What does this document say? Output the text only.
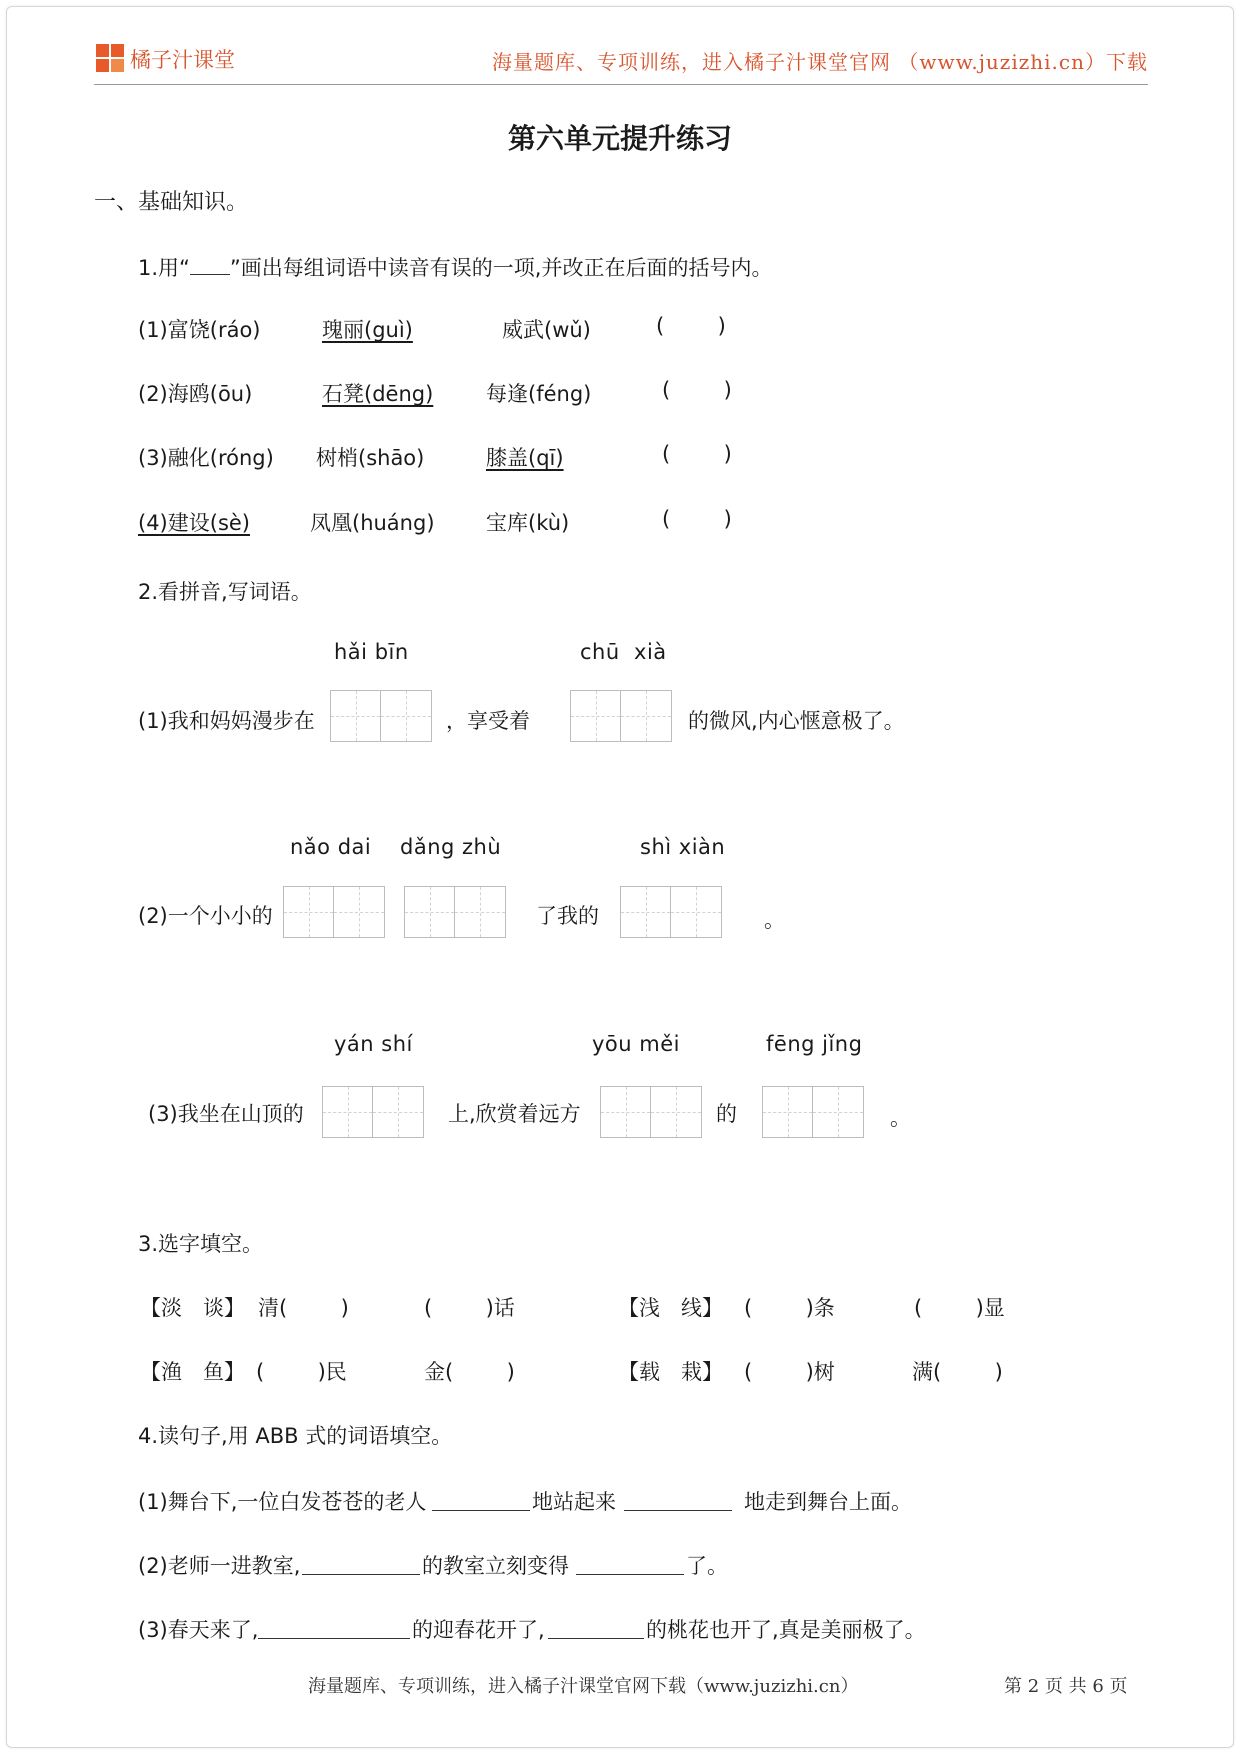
橘子汁课堂	海量题库、专项训练，进入橘子汁课堂官网 （www.juzizhi.cn）下载
第六单元提升练习
一、基础知识。
1.用“ ”画出每组词语中读音有误的一项,并改正在后面的括号内。
(1)富饶(ráo)	瑰丽(guì)	威武(wǔ)	(        )
(2)海鸥(ōu)	石凳(dēng)	每逢(féng)	(        )
(3)融化(róng) 树梢(shāo)	膝盖(qī)	(        )
(4)建设(sè)	凤凰(huáng) 宝库(kù)	(        )
2.看拼音,写词语。
hǎi bīn	chū  xià
(1)我和妈妈漫步在	，享受着	的微风,内心惬意极了。
nǎo dai dǎng zhù	shì xiàn
(2)一个小小的	了我的	。
yán shí	yōu měi	fēng jǐng
(3)我坐在山顶的	上,欣赏着远方	的	。
3.选字填空。
【淡　谈】 清(        )	(        )话	【浅　线】 (        )条	(        )显
【渔　鱼】 (        )民	金(        )	【载　栽】 (        )树	满(        )
4.读句子,用 ABB 式的词语填空。
(1)舞台下,一位白发苍苍的老人	地站起来	地走到舞台上面。
(2)老师一进教室,	的教室立刻变得	了。
(3)春天来了,	的迎春花开了,	的桃花也开了,真是美丽极了。
海量题库、专项训练，进入橘子汁课堂官网下载（www.juzizhi.cn）	第 2 页 共 6 页
